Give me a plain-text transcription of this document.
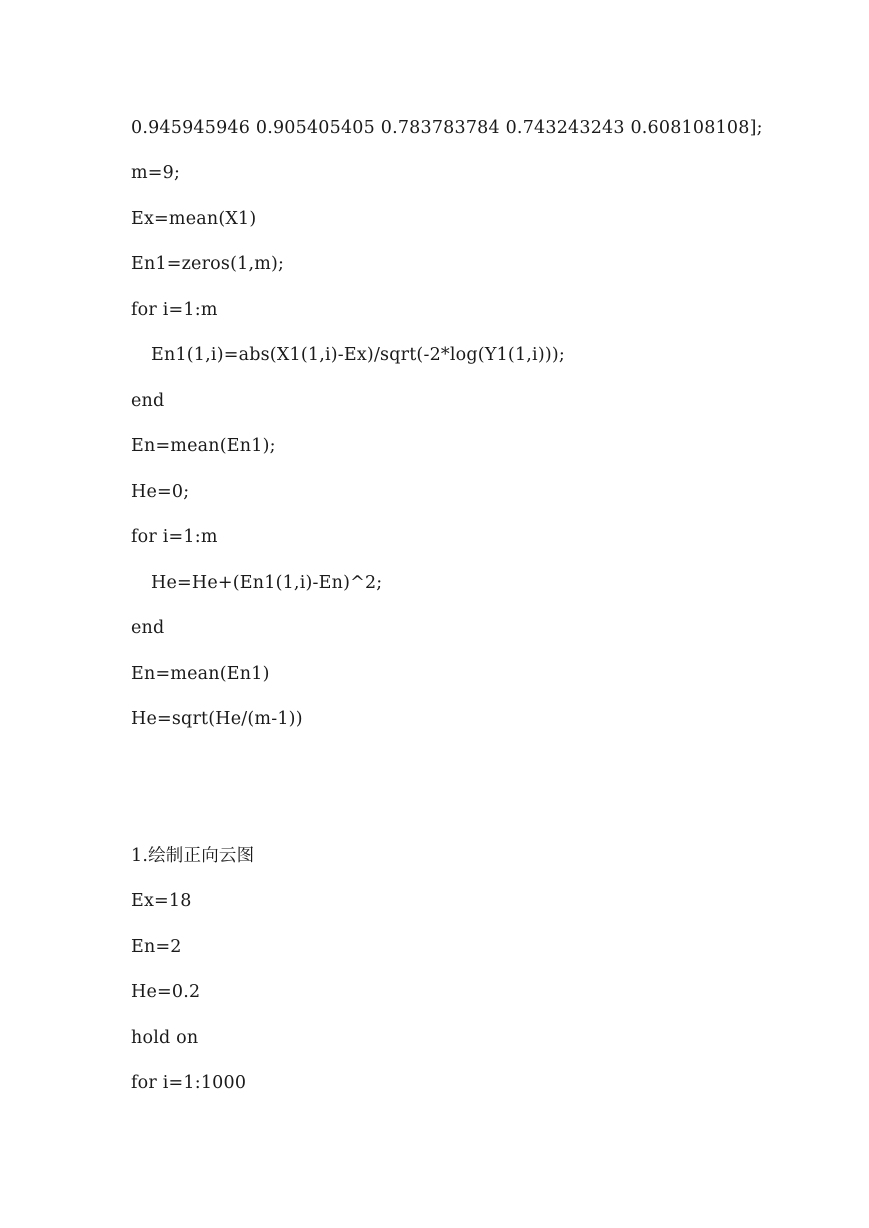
0.945945946 0.905405405 0.783783784 0.743243243 0.608108108];
m=9;
Ex=mean(X1)
En1=zeros(1,m);
for i=1:m
En1(1,i)=abs(X1(1,i)-Ex)/sqrt(-2*log(Y1(1,i)));
end
En=mean(En1);
He=0;
for i=1:m
He=He+(En1(1,i)-En)^2;
end
En=mean(En1)
He=sqrt(He/(m-1))
1.绘制正向云图
Ex=18
En=2
He=0.2
hold on
for i=1:1000
